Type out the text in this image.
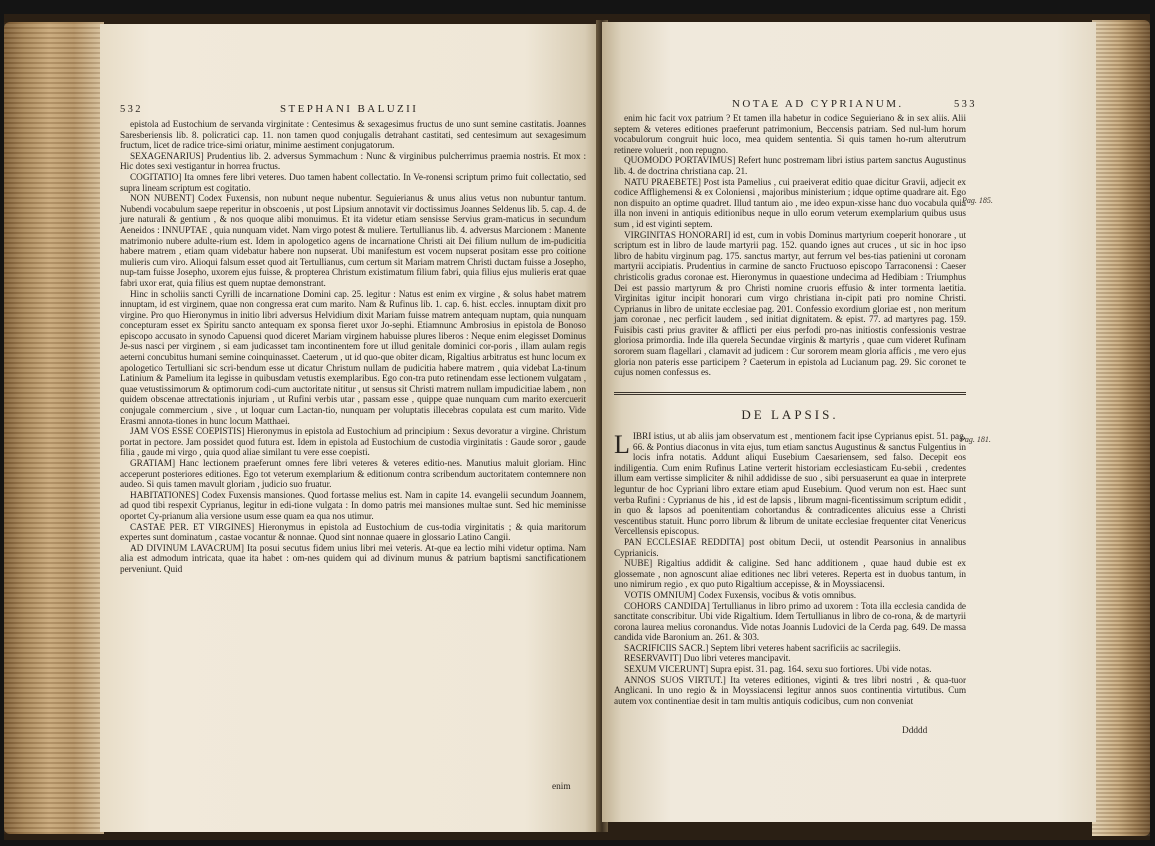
532	STEPHANI BALUZII

epistola ad Eustochium de servanda virginitate : Centesimus & sexagesimus fructus de uno sunt semine castitatis. Joannes Saresberiensis lib. 8. policratici cap. 11. non tamen quod conjugalis detrahant castitati, sed centesimum aut sexagesimum fructum, licet de radice trice-simi oriatur, minime aestiment conjugatorum.

SEXAGENARIUS] Prudentius lib. 2. adversus Symmachum : Nunc & virginibus pulcherrimus praemia nostris. Et mox : Hic dotes sexi vestigantur in horrea fructus.

COGITATIO] Ita omnes fere libri veteres. Duo tamen habent collectatio. In Ve-ronensi scriptum primo fuit collectatio, sed supra lineam scriptum est cogitatio.

NON NUBENT] Codex Fuxensis, non nubunt neque nubentur. Seguierianus & unus alius vetus non nubuntur tantum. Nubendi vocabulum saepe reperitur in obscoenis , ut post Lipsium annotavit vir doctissimus Joannes Seldenus lib. 5. cap. 4. de jure naturali & gentium , & nos quoque alibi monuimus. Et ita videtur etiam sensisse Servius gram-maticus in secundum Aeneidos : INNUPTAE , quia nunquam videt. Nam virgo potest & muliere. Tertullianus lib. 4. adversus Marcionem : Manente matrimonio nubere adulte-rium est. Idem in apologetico agens de incarnatione Christi ait Dei filium nullum de im-pudicitia habere matrem , etiam quam videbatur habere non nupserat. Ubi manifestum est vocem nupserat positam esse pro coitione mulieris cum viro. Alioqui falsum esset quod ait Tertullianus, cum certum sit Mariam matrem Christi ductam fuisse a Josepho, nup-tam fuisse Josepho, uxorem ejus fuisse, & propterea Christum existimatum filium fabri, quia filius ejus mulieris erat quae fabri uxor erat, quia filius est quem nuptae demonstrant.

Hinc in scholiis sancti Cyrilli de incarnatione Domini cap. 25. legitur : Natus est enim ex virgine , & solus habet matrem innuptam, id est virginem, quae non congressa erat cum marito. Nam & Rufinus lib. 1. cap. 6. hist. eccles. innuptam dixit pro virgine. Pro quo Hieronymus in initio libri adversus Helvidium dixit Mariam fuisse matrem antequam nuptam, quia nunquam concepturam esset ex Spiritu sancto antequam ex sponsa fieret uxor Jo-sephi. Etiamnunc Ambrosius in epistola de Bonoso episcopo accusato in synodo Capuensi quod diceret Mariam virginem habuisse plures liberos : Neque enim elegisset Dominus Je-sus nasci per virginem , si eam judicasset tam incontinentem fore ut illud genitale dominici cor-poris , illam aulam regis aeterni concubitus humani semine coinquinasset. Caeterum , ut id quo-que obiter dicam, Rigaltius arbitratus est hunc locum ex apologetico Tertulliani sic scri-bendum esse ut dicatur Christum nullam de pudicitia habere matrem , quia videbat La-tinum Latinium & Pamelium ita legisse in quibusdam vetustis exemplaribus. Ego con-tra puto retinendam esse lectionem vulgatam , quae vetustissimorum & optimorum codi-cum auctoritate nititur , ut sensus sit Christi matrem nullam impudicitiae labem , non quidem obscenae attrectationis injuriam , ut Rufini verbis utar , passam esse , quippe quae nunquam cum marito exercuerit conjugale commercium , sive , ut loquar cum Lactan-tio, nunquam per voluptatis illecebras copulata est cum marito. Vide Erasmi annota-tiones in hunc locum Matthaei.

JAM VOS ESSE COEPISTIS] Hieronymus in epistola ad Eustochium ad principium : Sexus devoratur a virgine. Christum portat in pectore. Jam possidet quod futura est. Idem in epistola ad Eustochium de custodia virginitatis : Gaude soror , gaude filia , gaude mi virgo , quia quod aliae similant tu vere esse coepisti.

GRATIAM] Hanc lectionem praeferunt omnes fere libri veteres & veteres editio-nes. Manutius maluit gloriam. Hinc acceperunt posteriores editiones. Ego tot veterum exemplarium & editionum contra scribendum auctoritatem contemnere non audeo. Si quis tamen mavult gloriam , judicio suo fruatur.

HABITATIONES] Codex Fuxensis mansiones. Quod fortasse melius est. Nam in capite 14. evangelii secundum Joannem, ad quod tibi respexit Cyprianus, legitur in edi-tione vulgata : In domo patris mei mansiones multae sunt. Sed hic meminisse oportet Cy-prianum alia versione usum esse quam ea qua nos utimur.

CASTAE PER. ET VIRGINES] Hieronymus in epistola ad Eustochium de cus-todia virginitatis ; & quia maritorum expertes sunt dominatum , castae vocantur & nonnae. Quod sint nonnae quaere in glossario Latino Cangii.

AD DIVINUM LAVACRUM] Ita posui secutus fidem unius libri mei veteris. At-que ea lectio mihi videtur optima. Nam alia est admodum intricata, quae ita habet : om-nes quidem qui ad divinum munus & patrium baptismi sanctificationem perveniunt. Quid

enim
NOTAE AD CYPRIANUM.	533

enim hic facit vox patrium ? Et tamen illa habetur in codice Seguieriano & in sex aliis. Alii septem & veteres editiones praeferunt patrimonium, Beccensis patriam. Sed nul-lum horum vocabulorum congruit huic loco, mea quidem sententia. Si quis tamen ho-rum alterutrum retinere voluerit , non repugno.

QUOMODO PORTAVIMUS] Refert hunc postremam libri istius partem sanctus Augustinus lib. 4. de doctrina christiana cap. 21.

NATU PRAEBETE] Post ista Pamelius , cui praeiverat editio quae dicitur Gravii, adjecit ex codice Afflighemensi & ex Coloniensi , majoribus ministerium ; idque optime quadrare ait. Ego non dispuito an optime quadret. Illud tantum aio , me ideo expun-xisse hanc duo vocabula quia illa non inveni in antiquis editionibus neque in ullo eorum veterum exemplarium quibus usus sum , id est viginti septem.

VIRGINITAS HONORARI] id est, cum in vobis Dominus martyrium coeperit honorare , ut scriptum est in libro de laude martyrii pag. 152. quando ignes aut cruces , ut sic in hoc ipso libro de habitu virginum pag. 175. sanctus martyr, aut ferrum vel bes-tias patienini ut coronam martyrii accipiatis. Prudentius in carmine de sancto Fructuoso episcopo Tarraconensi : Caeser christicolis gradus coronae est. Hieronymus in quaestione undecima ad Hedibiam : Triumphus Dei est passio martyrum & pro Christi nomine cruoris effusio & inter tormenta laetitia. Virginitas igitur incipit honorari cum virgo christiana in-cipit pati pro nomine Christi. Cyprianus in libro de unitate ecclesiae pag. 201. Confessio exordium gloriae est , non meritum jam coronae , nec perficit laudem , sed initiat dignitatem. & epist. 77. ad martyres pag. 159. Fuisibis casti prius graviter & afflicti per eius perfodi pro-nas initiostis confessionis vestrae gloriosa primordia. Inde illa querela Secundae virginis & martyris , quae cum videret Rufinam sororem suam flagellari , clamavit ad judicem : Cur sororem meam gloria afficis , me vero ejus gloria non pateris esse participem ? Caeterum in epistola ad Lucianum pag. 29. Sic coronet te cujus nomen confessus es.

Pag. 185.
DE LAPSIS.
Pag. 181.

LIBRI istius, ut ab aliis jam observatum est , mentionem facit ipse Cyprianus epist. 51. pag. 66. & Pontius diaconus in vita ejus, tum etiam sanctus Augustinus & sanctus Fulgentius in locis infra notatis. Addunt aliqui Eusebium Caesariensem, sed falso. Decepit eos indiligentia. Cum enim Rufinus Latine verterit historiam ecclesiasticam Eu-sebii , credentes illum eam vertisse simpliciter & nihil addidisse de suo , sibi persuaserunt ea quae in interprete leguntur de hoc Cypriani libro extare etiam apud Eusebium. Quod verum non est. Haec sunt verba Rufini : Cyprianus de his , id est de lapsis , librum magni-ficentissimum scriptum edidit , in quo & lapsos ad poenitentiam cohortandus & contradicentes alicuius esse a Christi vescentibus statuit. Hunc porro librum & librum de unitate ecclesiae frequenter citat Venericus Vercellensis episcopus.

PAN ECCLESIAE REDDITA] post obitum Decii, ut ostendit Pearsonius in annalibus Cyprianicis.

NUBE] Rigaltius addidit & caligine. Sed hanc additionem , quae haud dubie est ex glossemate , non agnoscunt aliae editiones nec libri veteres. Reperta est in duobus tantum, in uno nimirum regio , ex quo puto Rigaltium accepisse, & in Moyssiacensi.

VOTIS OMNIUM] Codex Fuxensis, vocibus & votis omnibus.

COHORS CANDIDA] Tertullianus in libro primo ad uxorem : Tota illa ecclesia candida de sanctitate conscribitur. Ubi vide Rigaltium. Idem Tertullianus in libro de co-rona, & de martyrii corona laurea melius coronandus. Vide notas Joannis Ludovici de la Cerda pag. 649. De massa candida vide Baronium an. 261. & 303.

SACRIFICIIS SACR.] Septem libri veteres habent sacrificiis ac sacrilegiis.

RESERVAVIT] Duo libri veteres mancipavit.

SEXUM VICERUNT] Supra epist. 31. pag. 164. sexu suo fortiores. Ubi vide notas.

ANNOS SUOS VIRTUT.] Ita veteres editiones, viginti & tres libri nostri , & qua-tuor Anglicani. In uno regio & in Moyssiacensi legitur annos suos continentia virtutibus. Cum autem vox continentiae desit in tam multis antiquis codicibus, cum non conveniat

Ddddd
